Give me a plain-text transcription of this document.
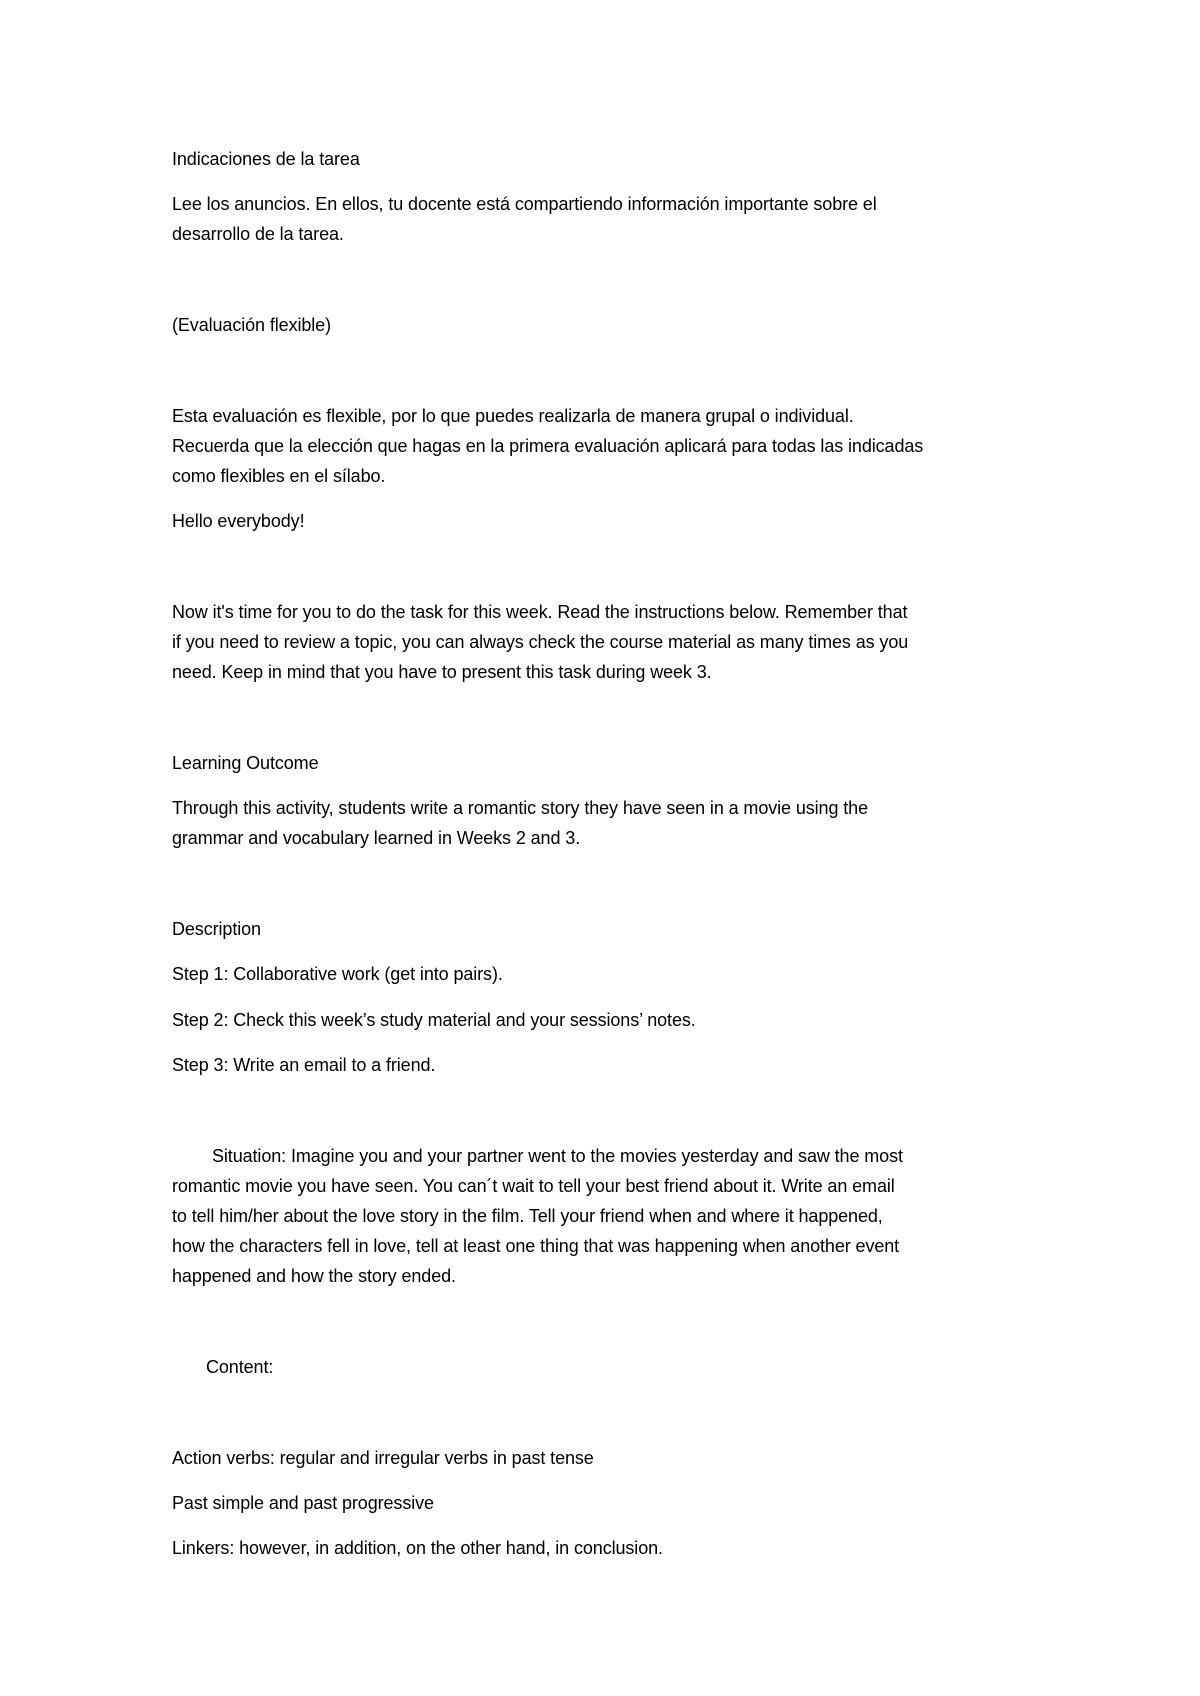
Indicaciones de la tarea
Lee los anuncios. En ellos, tu docente está compartiendo información importante sobre el
desarrollo de la tarea.
(Evaluación flexible)
Esta evaluación es flexible, por lo que puedes realizarla de manera grupal o individual.
Recuerda que la elección que hagas en la primera evaluación aplicará para todas las indicadas
como flexibles en el sílabo.
Hello everybody!
Now it's time for you to do the task for this week. Read the instructions below. Remember that
if you need to review a topic, you can always check the course material as many times as you
need. Keep in mind that you have to present this task during week 3.
Learning Outcome
Through this activity, students write a romantic story they have seen in a movie using the
grammar and vocabulary learned in Weeks 2 and 3.
Description
Step 1: Collaborative work (get into pairs).
Step 2: Check this week’s study material and your sessions’ notes.
Step 3: Write an email to a friend.
Situation: Imagine you and your partner went to the movies yesterday and saw the most
romantic movie you have seen. You can´t wait to tell your best friend about it. Write an email
to tell him/her about the love story in the film. Tell your friend when and where it happened,
how the characters fell in love, tell at least one thing that was happening when another event
happened and how the story ended.
Content:
Action verbs: regular and irregular verbs in past tense
Past simple and past progressive
Linkers: however, in addition, on the other hand, in conclusion.
